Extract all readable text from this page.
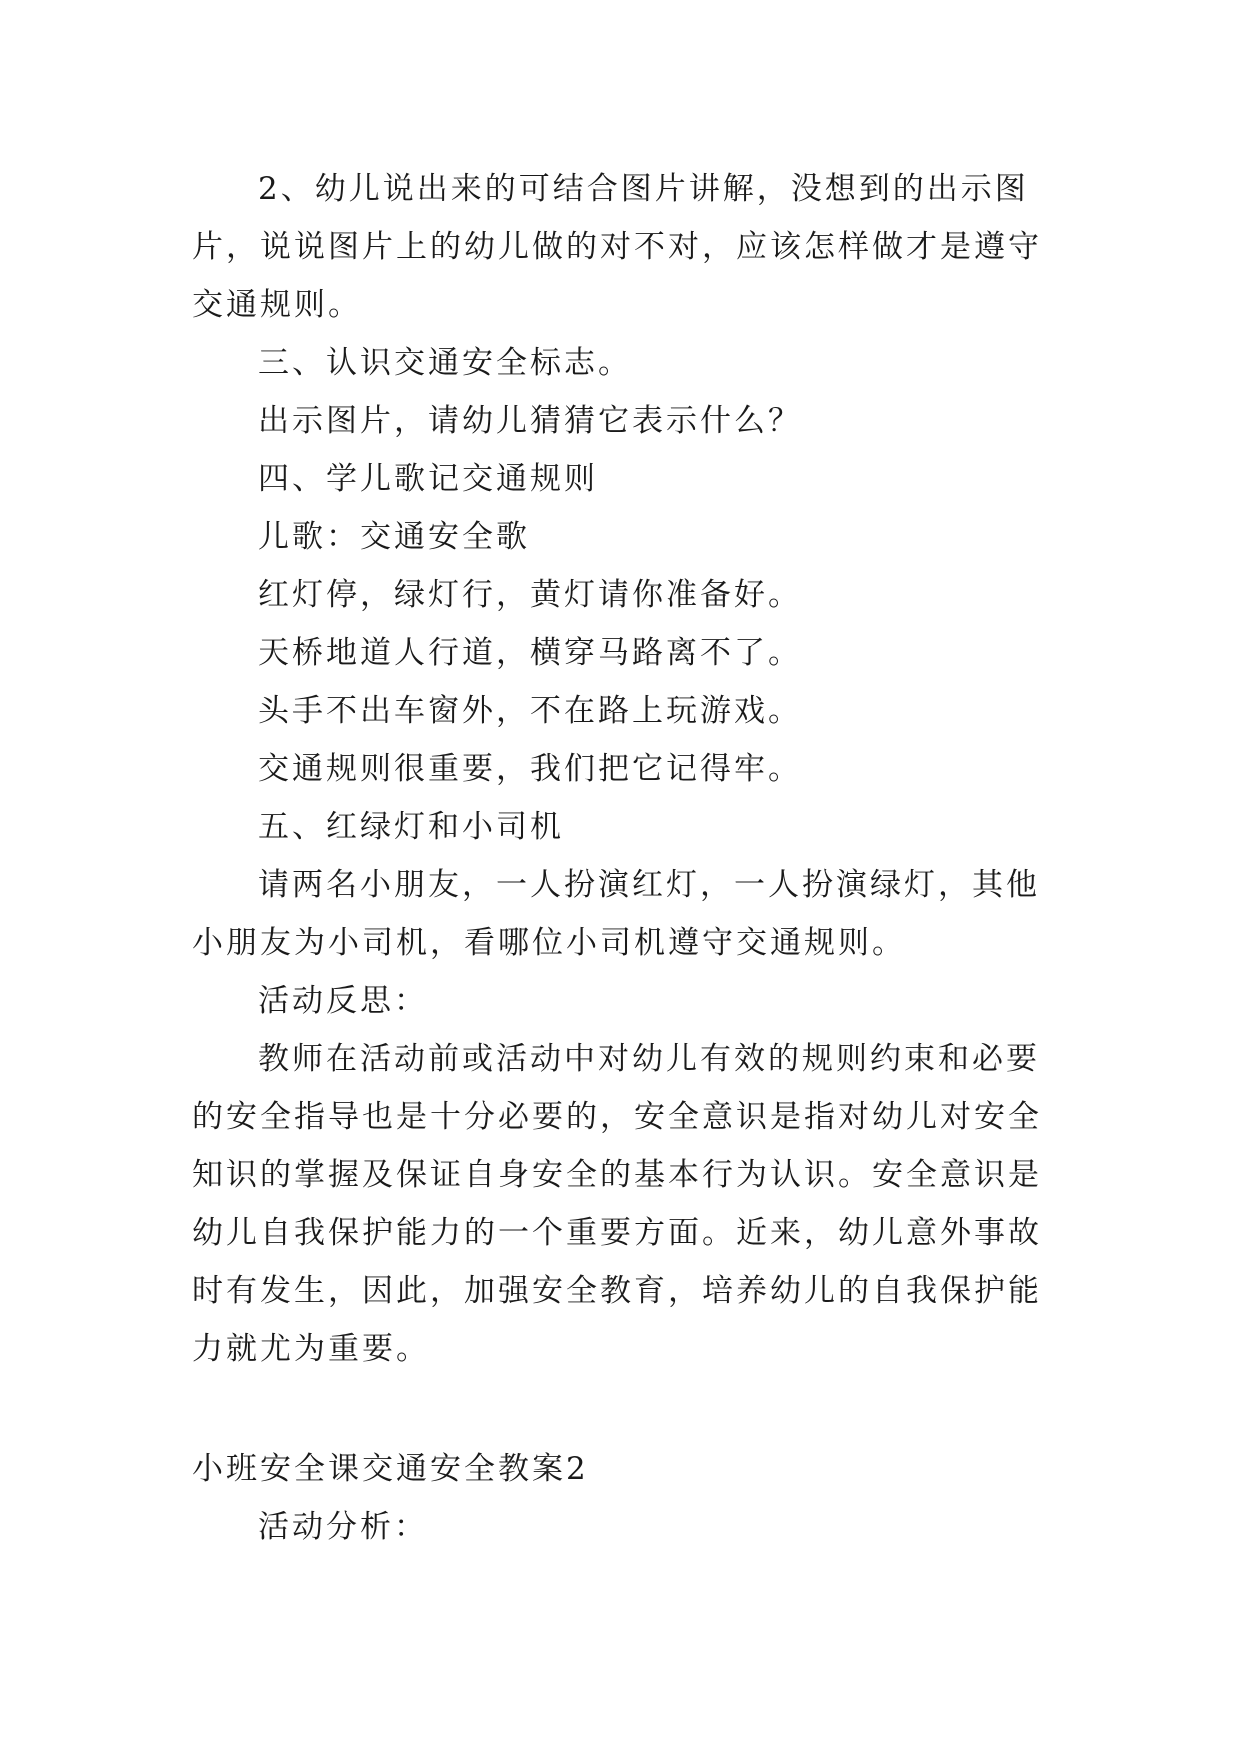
2、幼儿说出来的可结合图片讲解，没想到的出示图片，说说图片上的幼儿做的对不对，应该怎样做才是遵守交通规则。

三、认识交通安全标志。

出示图片，请幼儿猜猜它表示什么？

四、学儿歌记交通规则

儿歌：交通安全歌

红灯停，绿灯行，黄灯请你准备好。

天桥地道人行道，横穿马路离不了。

头手不出车窗外，不在路上玩游戏。

交通规则很重要，我们把它记得牢。

五、红绿灯和小司机

请两名小朋友，一人扮演红灯，一人扮演绿灯，其他小朋友为小司机，看哪位小司机遵守交通规则。

活动反思：

教师在活动前或活动中对幼儿有效的规则约束和必要的安全指导也是十分必要的，安全意识是指对幼儿对安全知识的掌握及保证自身安全的基本行为认识。安全意识是幼儿自我保护能力的一个重要方面。近来，幼儿意外事故时有发生，因此，加强安全教育，培养幼儿的自我保护能力就尤为重要。

小班安全课交通安全教案2

活动分析：
